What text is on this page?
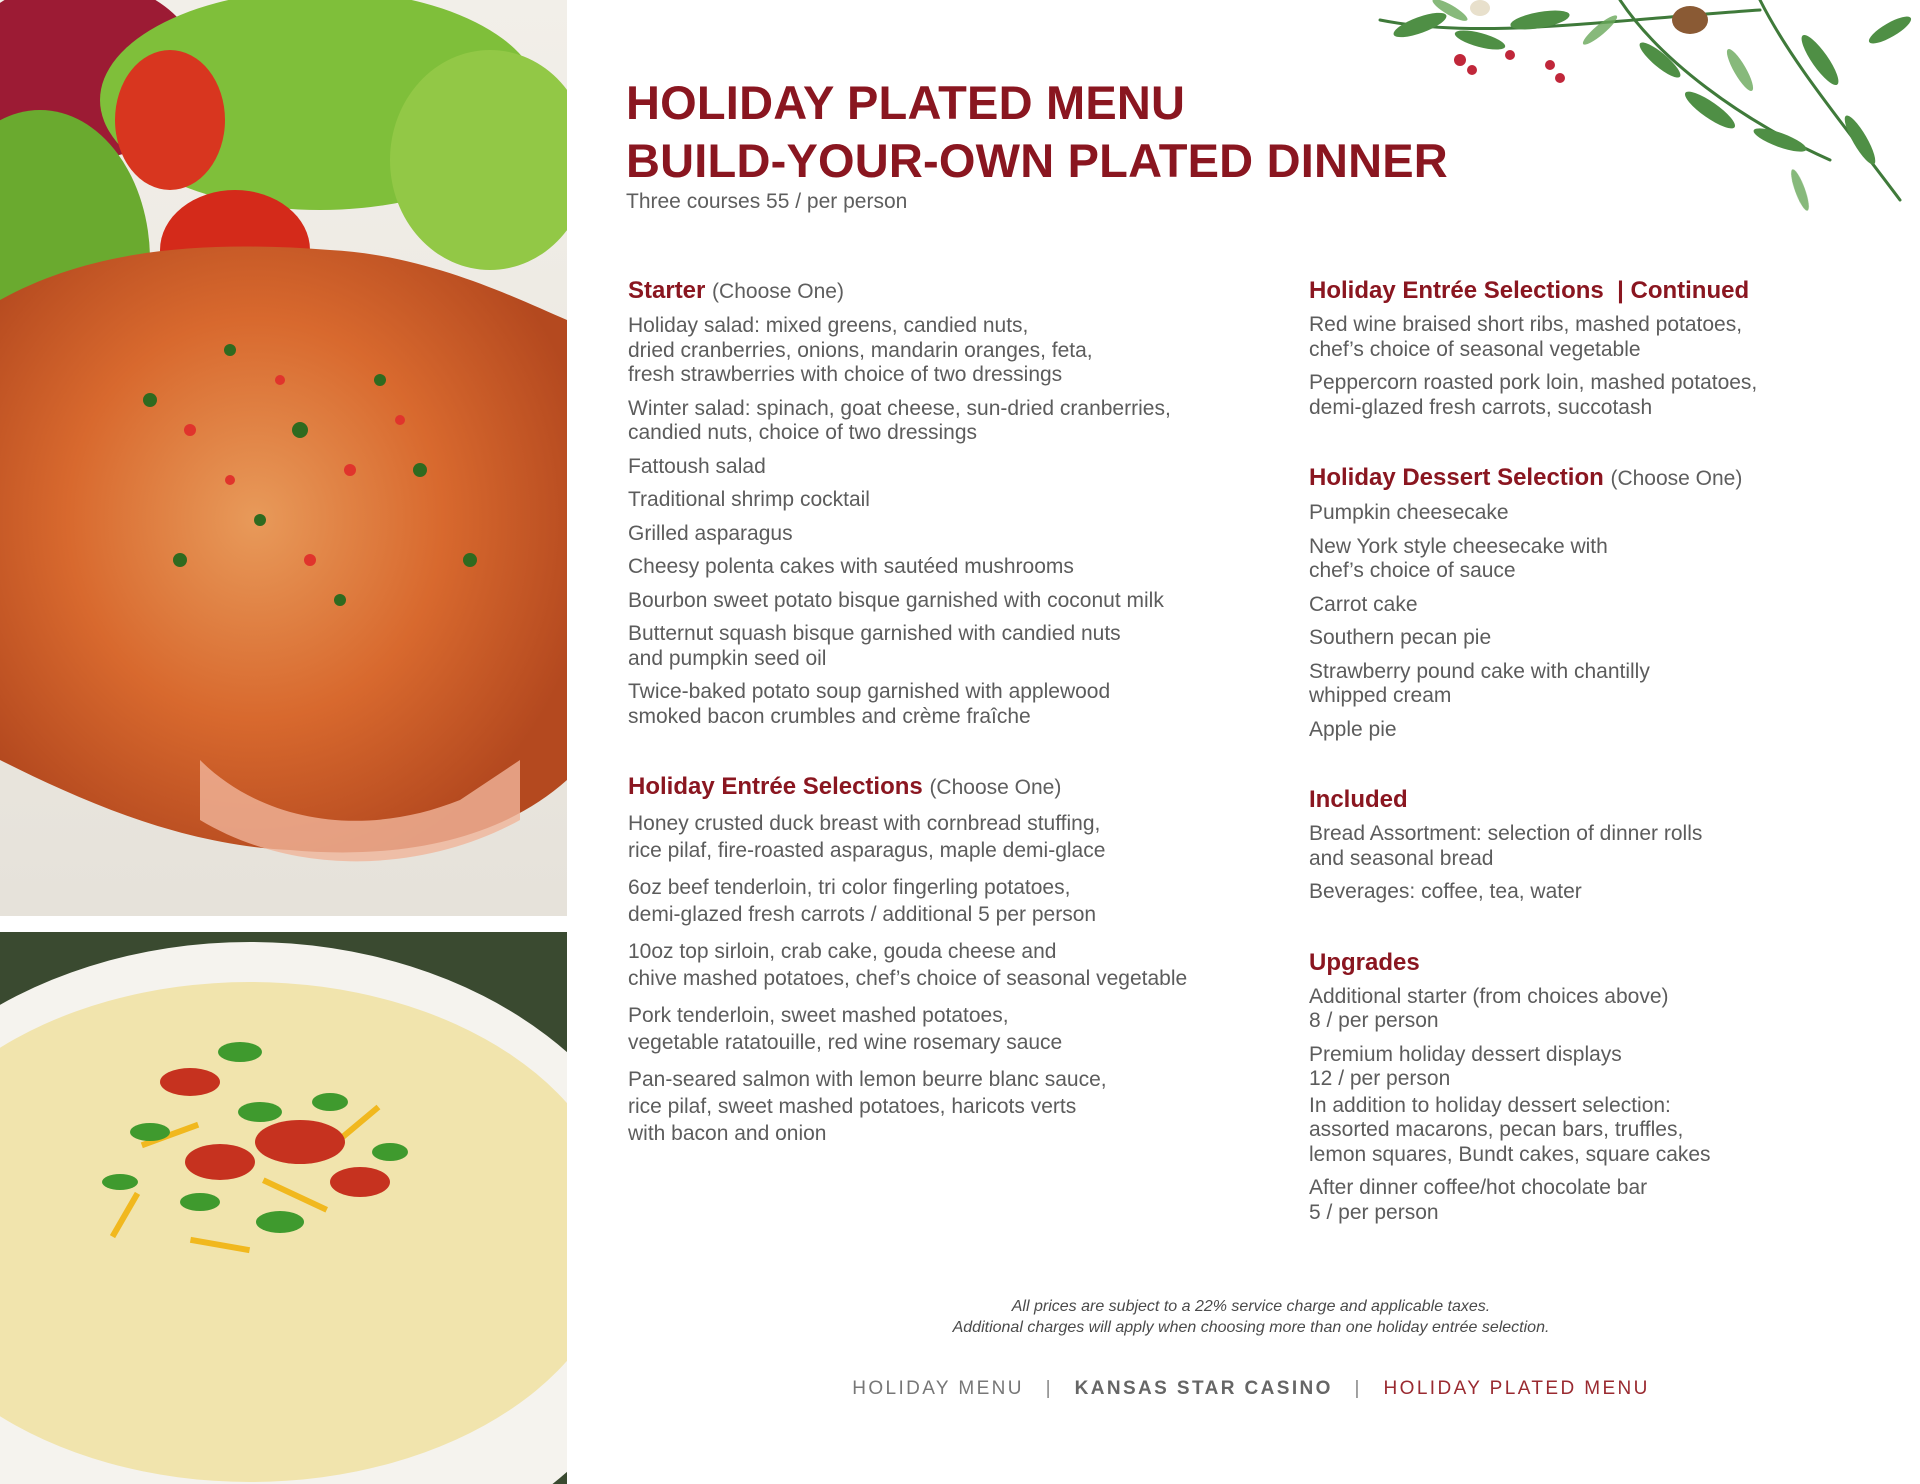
HOLIDAY PLATED MENU
BUILD-YOUR-OWN PLATED DINNER
Three courses 55 / per person
Starter (Choose One)
Holiday salad: mixed greens, candied nuts,
dried cranberries, onions, mandarin oranges, feta,
fresh strawberries with choice of two dressings
Winter salad: spinach, goat cheese, sun-dried cranberries,
candied nuts, choice of two dressings
Fattoush salad
Traditional shrimp cocktail
Grilled asparagus
Cheesy polenta cakes with sautéed mushrooms
Bourbon sweet potato bisque garnished with coconut milk
Butternut squash bisque garnished with candied nuts
and pumpkin seed oil
Twice-baked potato soup garnished with applewood
smoked bacon crumbles and crème fraîche
Holiday Entrée Selections (Choose One)
Honey crusted duck breast with cornbread stuffing,
rice pilaf, fire-roasted asparagus, maple demi-glace
6oz beef tenderloin, tri color fingerling potatoes,
demi-glazed fresh carrots / additional 5 per person
10oz top sirloin, crab cake, gouda cheese and
chive mashed potatoes, chef’s choice of seasonal vegetable
Pork tenderloin, sweet mashed potatoes,
vegetable ratatouille, red wine rosemary sauce
Pan-seared salmon with lemon beurre blanc sauce,
rice pilaf, sweet mashed potatoes, haricots verts
with bacon and onion
Holiday Entrée Selections  | Continued
Red wine braised short ribs, mashed potatoes,
chef’s choice of seasonal vegetable
Peppercorn roasted pork loin, mashed potatoes,
demi-glazed fresh carrots, succotash
Holiday Dessert Selection (Choose One)
Pumpkin cheesecake
New York style cheesecake with
chef’s choice of sauce
Carrot cake
Southern pecan pie
Strawberry pound cake with chantilly
whipped cream
Apple pie
Included
Bread Assortment: selection of dinner rolls
and seasonal bread
Beverages: coffee, tea, water
Upgrades
Additional starter (from choices above)
8 / per person
Premium holiday dessert displays
12 / per person
In addition to holiday dessert selection:
assorted macarons, pecan bars, truffles,
lemon squares, Bundt cakes, square cakes
After dinner coffee/hot chocolate bar
5 / per person
All prices are subject to a 22% service charge and applicable taxes.
Additional charges will apply when choosing more than one holiday entrée selection.
HOLIDAY MENU | KANSAS STAR CASINO | HOLIDAY PLATED MENU
